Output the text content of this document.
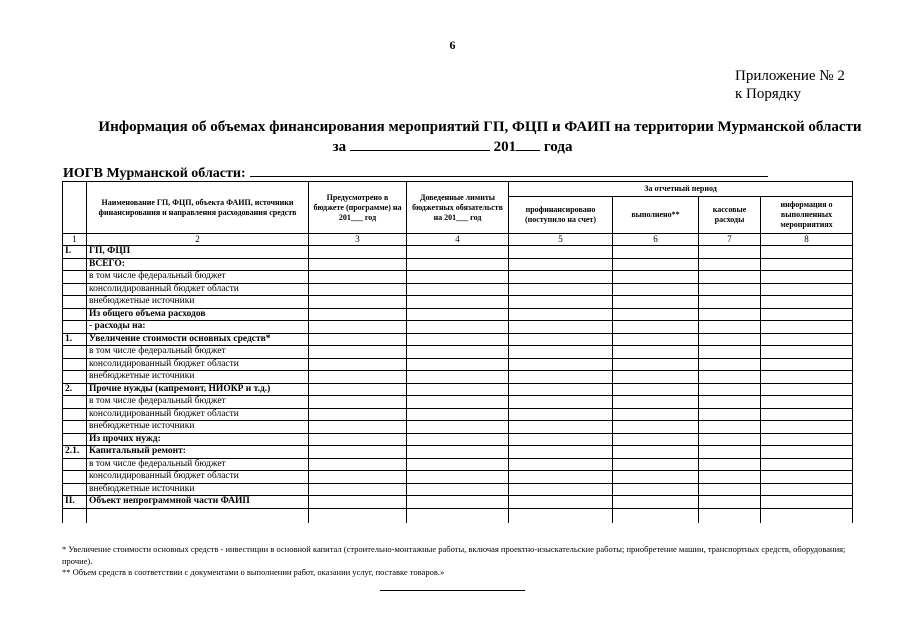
6
Приложение № 2
к Порядку
Информация об объемах финансирования мероприятий ГП, ФЦП и ФАИП на территории Мурманской области
за	201 года
ИОГВ Мурманской области:
	Наименование ГП, ФЦП, объекта ФАИП, источники финансирования и направления расходования средств	Предусмотрено в бюджете (программе) на 201___ год	Доведенные лимиты бюджетных обязательств на 201___ год	За отчетный период			
				профинансировано (поступило на счет)	выполнено**	кассовые расходы	информация о выполненных мероприятиях
1	2	3	4	5	6	7	8
I.	ГП, ФЦП						
	ВСЕГО:						
	в том числе федеральный бюджет						
	консолидированный бюджет области						
	внебюджетные источники						
	Из общего объема расходов						
	- расходы на:						
1.	Увеличение стоимости основных средств*						
	в том числе федеральный бюджет						
	консолидированный бюджет области						
	внебюджетные источники						
2.	Прочие нужды (капремонт, НИОКР и т.д.)						
	в том числе федеральный бюджет						
	консолидированный бюджет области						
	внебюджетные источники						
	Из прочих нужд:						
2.1.	Капитальный ремонт:						
	в том числе федеральный бюджет						
	консолидированный бюджет области						
	внебюджетные источники						
II.	Объект непрограммной части ФАИП						

* Увеличение стоимости основных средств - инвестиции в основной капитал (строительно-монтажные работы, включая проектно-изыскательские работы; приобретение машин, транспортных средств, оборудования; прочие).
** Объем средств в соответствии с документами о выполнении работ, оказании услуг, поставке товаров.»
